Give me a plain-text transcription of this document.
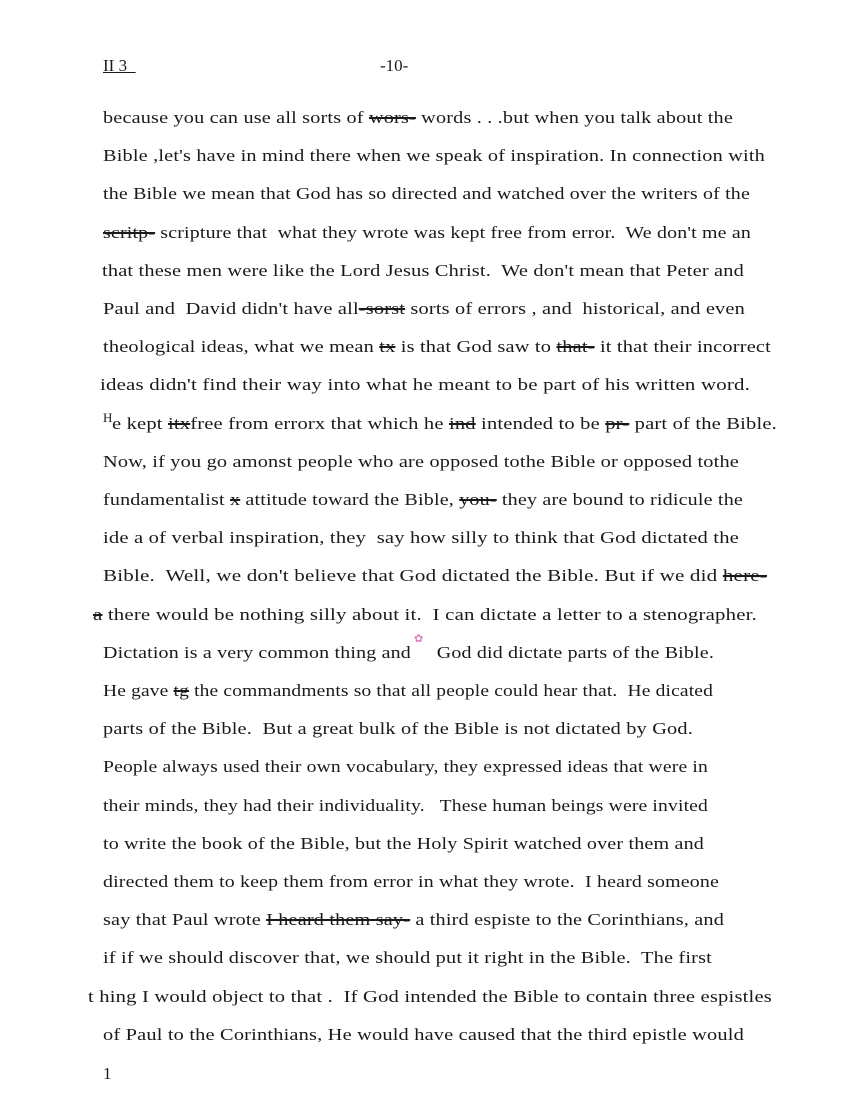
II 3	-10-
H
✿
because you can use all sorts of wors- words . . .but when you talk about the
Bible ,let's have in mind there when we speak of inspiration. In connection with
the Bible we mean that God has so directed and watched over the writers of the
scritp- scripture that  what they wrote was kept free from error.  We don't me an
that these men were like the Lord Jesus Christ.  We don't mean that Peter and
Paul and  David didn't have all-sorst sorts of errors , and  historical, and even
theological ideas, what we mean tx is that God saw to that- it that their incorrect
ideas didn't find their way into what he meant to be part of his written word.
e kept itxfree from errorx that which he ind intended to be pr- part of the Bible.
Now, if you go amonst people who are opposed tothe Bible or opposed tothe
fundamentalist x attitude toward the Bible, you- they are bound to ridicule the
ide a of verbal inspiration, they  say how silly to think that God dictated the
Bible.  Well, we don't believe that God dictated the Bible. But if we did here-
a there would be nothing silly about it.  I can dictate a letter to a stenographer.
Dictation is a very common thing and     God did dictate parts of the Bible.
He gave tg the commandments so that all people could hear that.  He dicated
parts of the Bible.  But a great bulk of the Bible is not dictated by God.
People always used their own vocabulary, they expressed ideas that were in
their minds, they had their individuality.   These human beings were invited
to write the book of the Bible, but the Holy Spirit watched over them and
directed them to keep them from error in what they wrote.  I heard someone
say that Paul wrote I heard them say- a third espiste to the Corinthians, and
if if we should discover that, we should put it right in the Bible.  The first
t hing I would object to that .  If God intended the Bible to contain three espistles
of Paul to the Corinthians, He would have caused that the third epistle would
1
